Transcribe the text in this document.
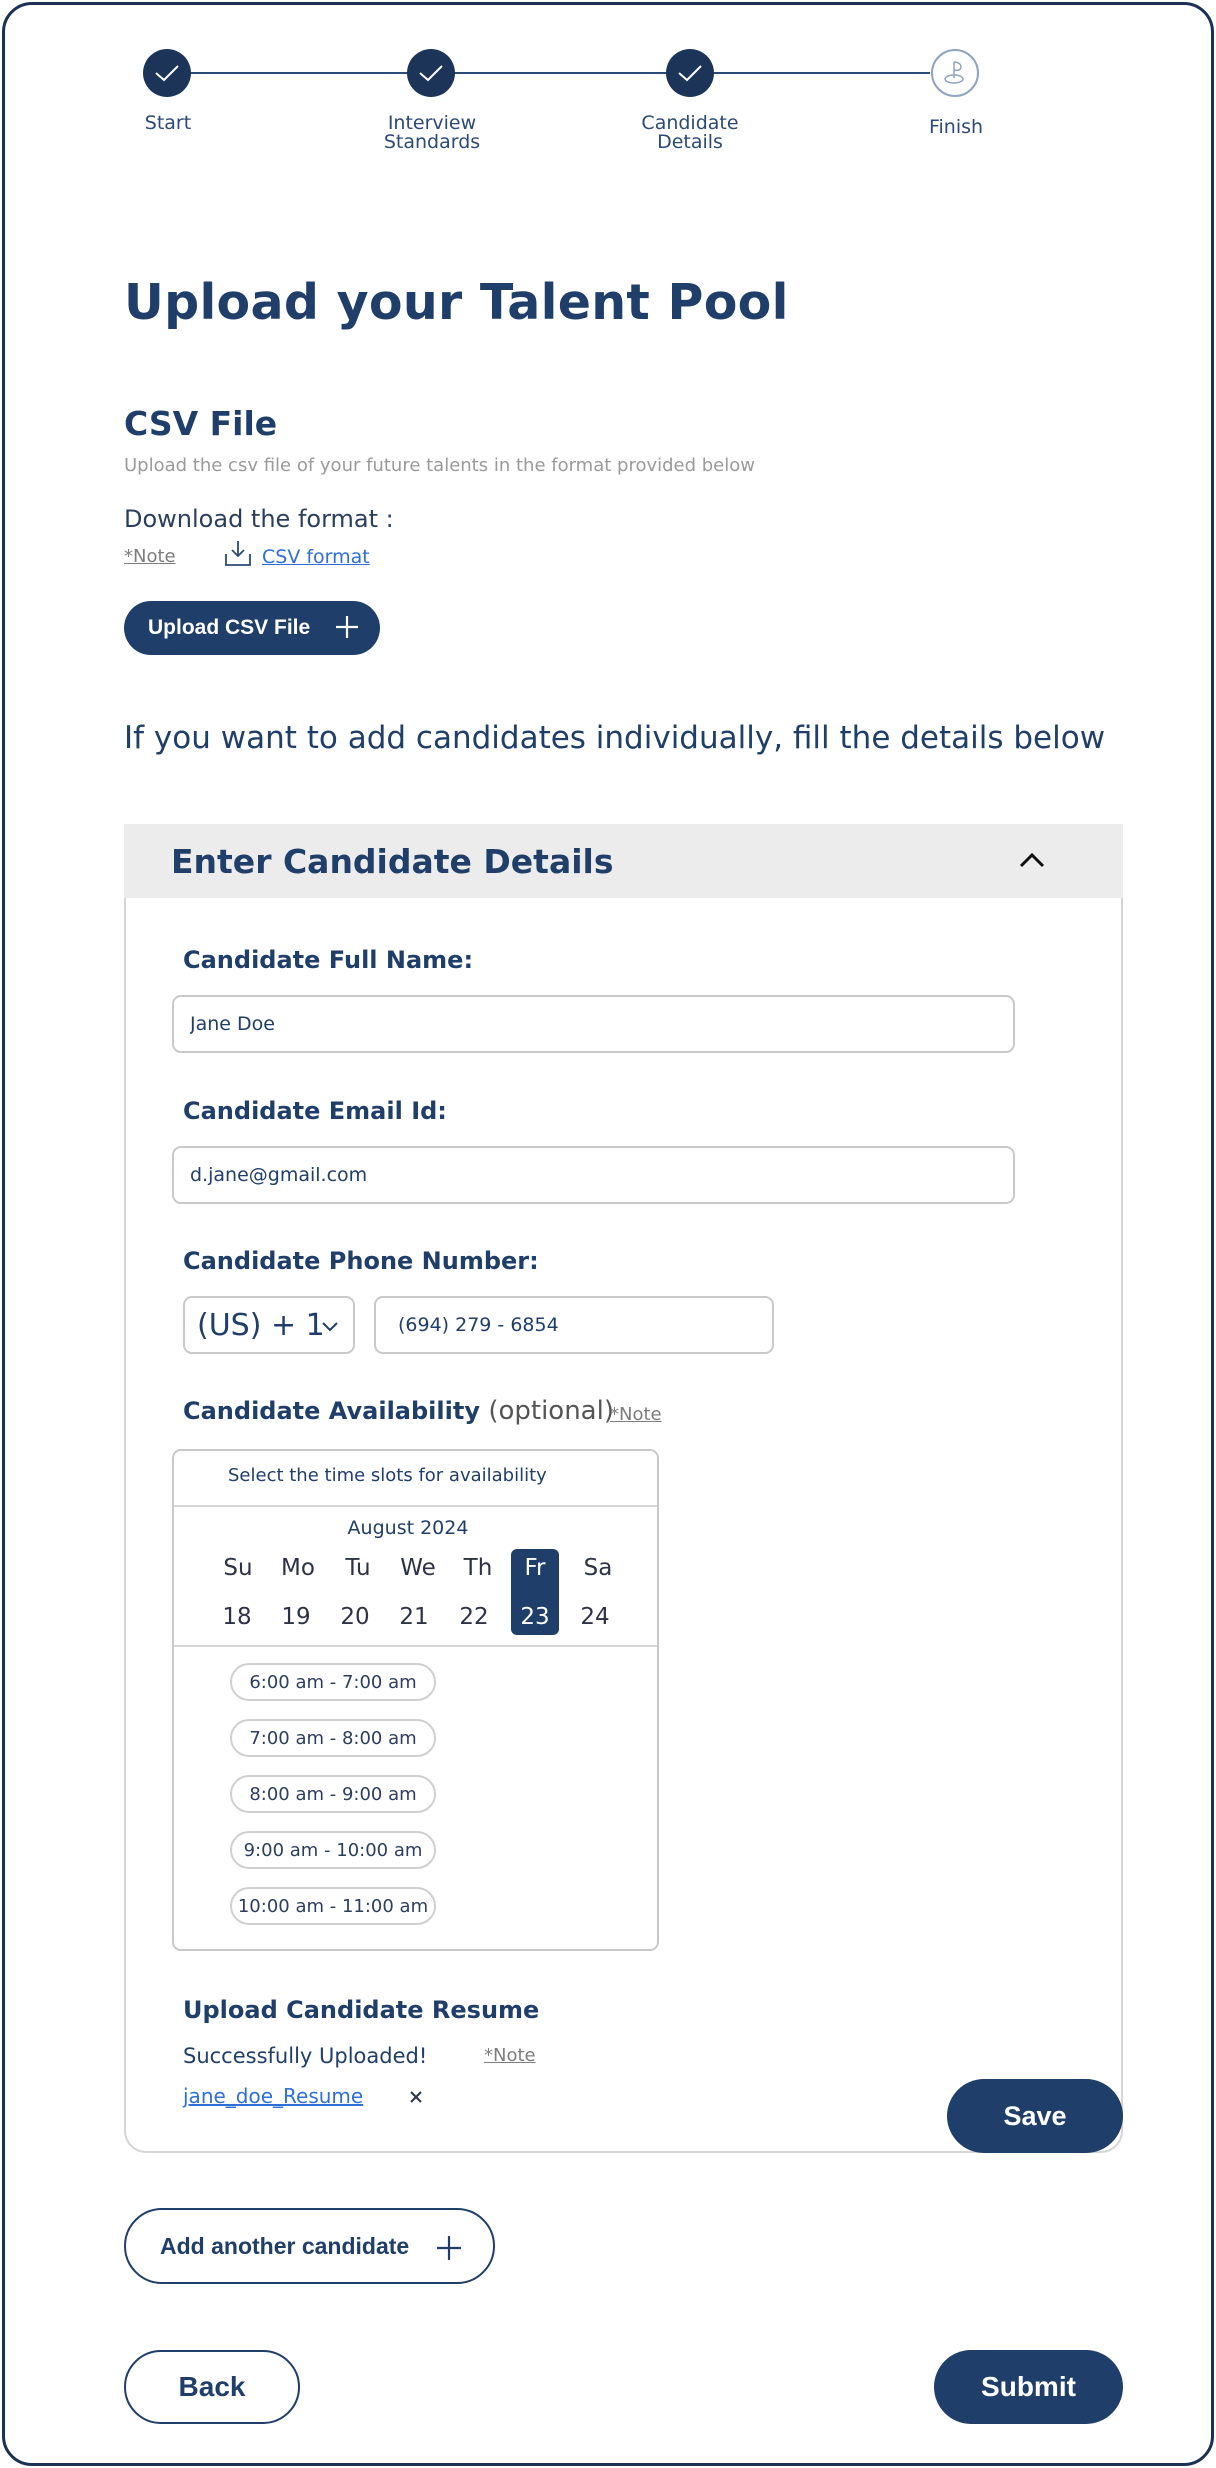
Start	Interview
Standards
Candidate
Details
Finish
Upload your Talent Pool
CSV File
Upload the csv file of your future talents in the format provided below
Download the format :
*Note	CSV format
Upload CSV File
If you want to add candidates individually, fill the details below
Enter Candidate Details
Candidate Full Name:
Jane Doe
Candidate Email Id:
d.jane@gmail.com
Candidate Phone Number:
(US) + 1
(694) 279 - 6854
Candidate Availability (optional)
*Note
Select the time slots for availability
August 2024
Su	Mo	Tu	We	Th	Fr	Sa
18	19	20	21	22	23	24
6:00 am - 7:00 am
7:00 am - 8:00 am
8:00 am - 9:00 am
9:00 am - 10:00 am
10:00 am - 11:00 am
Upload Candidate Resume
Successfully Uploaded!	*Note
jane_doe_Resume
Save
Add another candidate
Back	Submit
